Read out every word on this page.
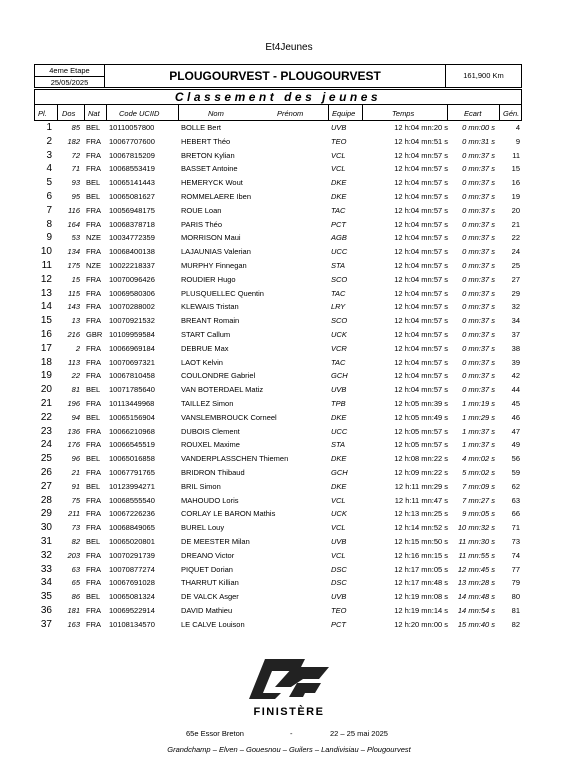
Et4Jeunes
4eme Etape
25/05/2025	PLOUGOURVEST - PLOUGOURVEST	161,900 Km
Classement des jeunes
Pl. Dos Nat	Code UCIID	Nom	Prénom	Equipe	Temps	Ecart	Gén.
1	85 BEL 10110057800	BOLLE Bert	UVB	12 h:04 mn:20 s	0 mn:00 s	4
2	182 FRA 10067707600	HEBERT Théo	TEO	12 h:04 mn:51 s	0 mn:31 s	9
3	72 FRA 10067815209	BRETON Kylian	VCL	12 h:04 mn:57 s	0 mn:37 s	11
4	71 FRA 10068553419	BASSET Antoine	VCL	12 h:04 mn:57 s	0 mn:37 s	15
5	93 BEL 10065141443	HEMERYCK Wout	DKE	12 h:04 mn:57 s	0 mn:37 s	16
6	95 BEL 10065081627	ROMMELAERE Iben	DKE	12 h:04 mn:57 s	0 mn:37 s	19
7	116 FRA 10056948175	ROUE Loan	TAC	12 h:04 mn:57 s	0 mn:37 s	20
8	164 FRA 10068378718	PARIS Théo	PCT	12 h:04 mn:57 s	0 mn:37 s	21
9	53 NZE 10034772359	MORRISON Maui	AGB	12 h:04 mn:57 s	0 mn:37 s	22
10	134 FRA 10068400138	LAJAUNIAS Valerian	UCC	12 h:04 mn:57 s	0 mn:37 s	24
11	175 NZE 10022218337	MURPHY Finnegan	STA	12 h:04 mn:57 s	0 mn:37 s	25
12	15 FRA 10070096426	ROUDIER Hugo	SCO	12 h:04 mn:57 s	0 mn:37 s	27
13	115 FRA 10069580306	PLUSQUELLEC Quentin	TAC	12 h:04 mn:57 s	0 mn:37 s	29
14	143 FRA 10070288002	KLEWAIS Tristan	LRY	12 h:04 mn:57 s	0 mn:37 s	32
15	13 FRA 10070921532	BREANT Romain	SCO	12 h:04 mn:57 s	0 mn:37 s	34
16	216 GBR 10109959584	START Callum	UCK	12 h:04 mn:57 s	0 mn:37 s	37
17	2 FRA 10066969184	DEBRUE Max	VCR	12 h:04 mn:57 s	0 mn:37 s	38
18	113 FRA 10070697321	LAOT Kelvin	TAC	12 h:04 mn:57 s	0 mn:37 s	39
19	22 FRA 10067810458	COULONDRE Gabriel	GCH	12 h:04 mn:57 s	0 mn:37 s	42
20	81 BEL 10071785640	VAN BOTERDAEL Matiz	UVB	12 h:04 mn:57 s	0 mn:37 s	44
21	196 FRA 10113449968	TAILLEZ Simon	TPB	12 h:05 mn:39 s	1 mn:19 s	45
22	94 BEL 10065156904	VANSLEMBROUCK Corneel	DKE	12 h:05 mn:49 s	1 mn:29 s	46
23	136 FRA 10066210968	DUBOIS Clement	UCC	12 h:05 mn:57 s	1 mn:37 s	47
24	176 FRA 10066545519	ROUXEL Maxime	STA	12 h:05 mn:57 s	1 mn:37 s	49
25	96 BEL 10065016858	VANDERPLASSCHEN Thiemen	DKE	12 h:08 mn:22 s	4 mn:02 s	56
26	21 FRA 10067791765	BRIDRON Thibaud	GCH	12 h:09 mn:22 s	5 mn:02 s	59
27	91 BEL 10123994271	BRIL Simon	DKE	12 h:11 mn:29 s	7 mn:09 s	62
28	75 FRA 10068555540	MAHOUDO Loris	VCL	12 h:11 mn:47 s	7 mn:27 s	63
29	211 FRA 10067226236	CORLAY LE BARON Mathis	UCK	12 h:13 mn:25 s	9 mn:05 s	66
30	73 FRA 10068849065	BUREL Louy	VCL	12 h:14 mn:52 s	10 mn:32 s	71
31	82 BEL 10065020801	DE MEESTER Milan	UVB	12 h:15 mn:50 s	11 mn:30 s	73
32	203 FRA 10070291739	DREANO Victor	VCL	12 h:16 mn:15 s	11 mn:55 s	74
33	63 FRA 10070877274	PIQUET Dorian	DSC	12 h:17 mn:05 s	12 mn:45 s	77
34	65 FRA 10067691028	THARRUT Killian	DSC	12 h:17 mn:48 s	13 mn:28 s	79
35	86 BEL 10065081324	DE VALCK Asger	UVB	12 h:19 mn:08 s	14 mn:48 s	80
36	181 FRA 10069522914	DAVID Mathieu	TEO	12 h:19 mn:14 s	14 mn:54 s	81
37	163 FRA 10108134570	LE CALVE Louison	PCT	12 h:20 mn:00 s	15 mn:40 s	82
FINISTÈRE
65e Essor Breton	-	22 – 25 mai 2025
Grandchamp – Elven – Gouesnou – Guilers – Landivisiau – Plougourvest
